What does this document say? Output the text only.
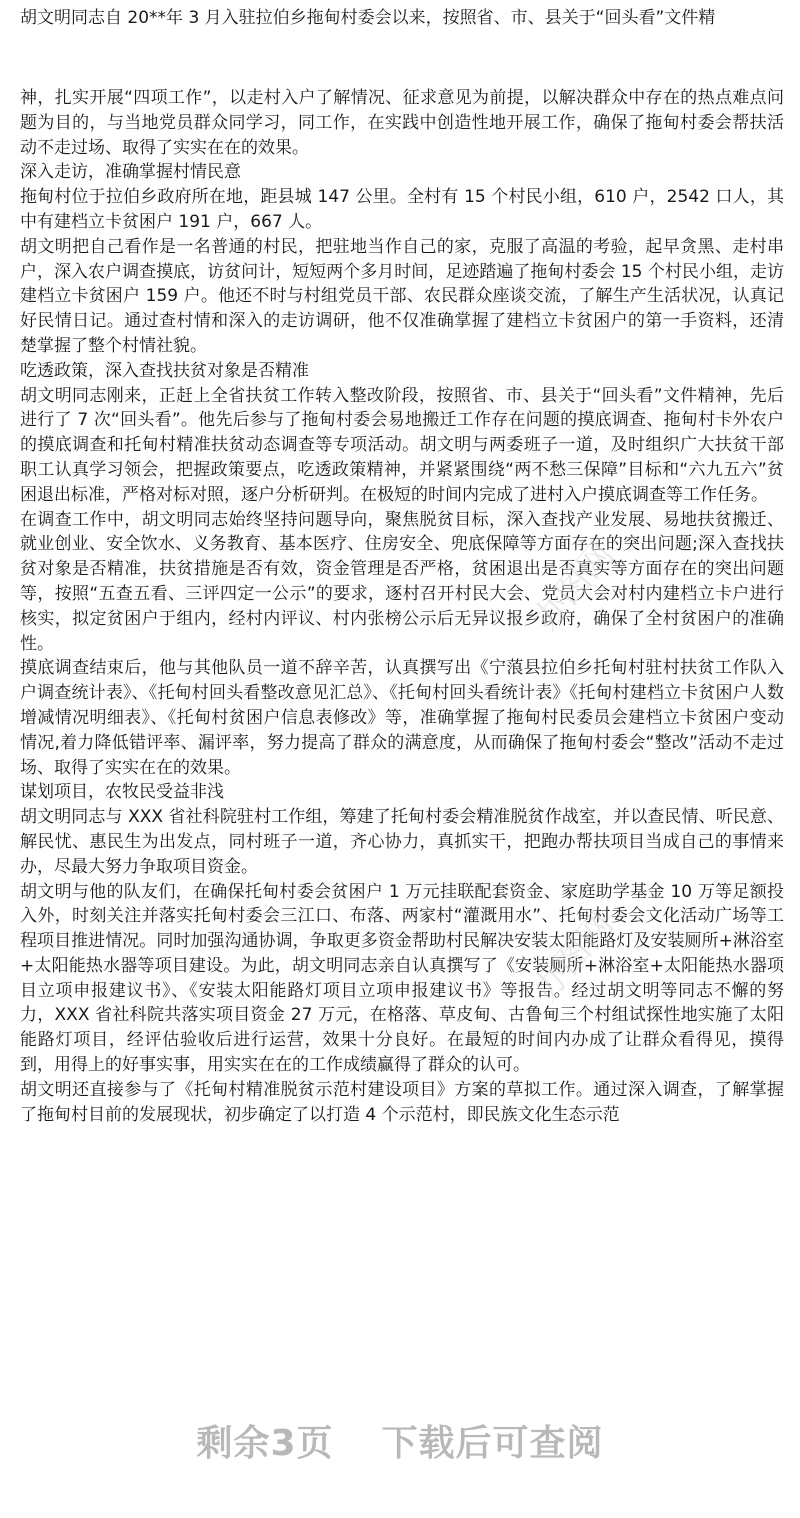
胡文明同志自 20**年 3 月入驻拉伯乡拖甸村委会以来，按照省、市、县关于“回头看”文件精

神，扎实开展“四项工作”，以走村入户了解情况、征求意见为前提，以解决群众中存在的热点难点问题为目的，与当地党员群众同学习，同工作，在实践中创造性地开展工作，确保了拖甸村委会帮扶活动不走过场、取得了实实在在的效果。

深入走访，准确掌握村情民意

拖甸村位于拉伯乡政府所在地，距县城 147 公里。全村有 15 个村民小组，610 户，2542 口人，其中有建档立卡贫困户 191 户，667 人。

胡文明把自己看作是一名普通的村民，把驻地当作自己的家，克服了高温的考验，起早贪黑、走村串户，深入农户调查摸底，访贫问计，短短两个多月时间，足迹踏遍了拖甸村委会 15 个村民小组，走访建档立卡贫困户 159 户。他还不时与村组党员干部、农民群众座谈交流，了解生产生活状况，认真记好民情日记。通过查村情和深入的走访调研，他不仅准确掌握了建档立卡贫困户的第一手资料，还清楚掌握了整个村情社貌。

吃透政策，深入查找扶贫对象是否精准

胡文明同志刚来，正赶上全省扶贫工作转入整改阶段，按照省、市、县关于“回头看”文件精神，先后进行了 7 次“回头看”。他先后参与了拖甸村委会易地搬迁工作存在问题的摸底调查、拖甸村卡外农户的摸底调查和托甸村精准扶贫动态调查等专项活动。胡文明与两委班子一道，及时组织广大扶贫干部职工认真学习领会，把握政策要点，吃透政策精神，并紧紧围绕“两不愁三保障”目标和“六九五六”贫困退出标准，严格对标对照，逐户分析研判。在极短的时间内完成了进村入户摸底调查等工作任务。

在调查工作中，胡文明同志始终坚持问题导向，聚焦脱贫目标，深入查找产业发展、易地扶贫搬迁、就业创业、安全饮水、义务教育、基本医疗、住房安全、兜底保障等方面存在的突出问题;深入查找扶贫对象是否精准，扶贫措施是否有效，资金管理是否严格，贫困退出是否真实等方面存在的突出问题等，按照“五查五看、三评四定一公示”的要求，逐村召开村民大会、党员大会对村内建档立卡户进行核实，拟定贫困户于组内，经村内评议、村内张榜公示后无异议报乡政府，确保了全村贫困户的准确性。

摸底调查结束后，他与其他队员一道不辞辛苦，认真撰写出《宁蒗县拉伯乡托甸村驻村扶贫工作队入户调查统计表》、《托甸村回头看整改意见汇总》、《托甸村回头看统计表》《托甸村建档立卡贫困户人数增减情况明细表》、《托甸村贫困户信息表修改》等，准确掌握了拖甸村民委员会建档立卡贫困户变动情况,着力降低错评率、漏评率，努力提高了群众的满意度，从而确保了拖甸村委会“整改”活动不走过场、取得了实实在在的效果。

谋划项目，农牧民受益非浅

胡文明同志与 XXX 省社科院驻村工作组，筹建了托甸村委会精准脱贫作战室，并以查民情、听民意、解民忧、惠民生为出发点，同村班子一道，齐心协力，真抓实干，把跑办帮扶项目当成自己的事情来办，尽最大努力争取项目资金。

胡文明与他的队友们，在确保托甸村委会贫困户 1 万元挂联配套资金、家庭助学基金 10 万等足额投入外，时刻关注并落实托甸村委会三江口、布落、两家村“灌溉用水”、托甸村委会文化活动广场等工程项目推进情况。同时加强沟通协调，争取更多资金帮助村民解决安装太阳能路灯及安装厕所+淋浴室+太阳能热水器等项目建设。为此，胡文明同志亲自认真撰写了《安装厕所+淋浴室+太阳能热水器项目立项申报建议书》、《安装太阳能路灯项目立项申报建议书》等报告。经过胡文明等同志不懈的努力，XXX 省社科院共落实项目资金 27 万元，在格落、草皮甸、古鲁甸三个村组试探性地实施了太阳能路灯项目，经评估验收后进行运营，效果十分良好。在最短的时间内办成了让群众看得见，摸得到，用得上的好事实事，用实实在在的工作成绩赢得了群众的认可。

胡文明还直接参与了《托甸村精准脱贫示范村建设项目》方案的草拟工作。通过深入调查，了解掌握了拖甸村目前的发展现状，初步确定了以打造 4 个示范村，即民族文化生态示范

办图网
办图网
剩余3页 下载后可查阅
